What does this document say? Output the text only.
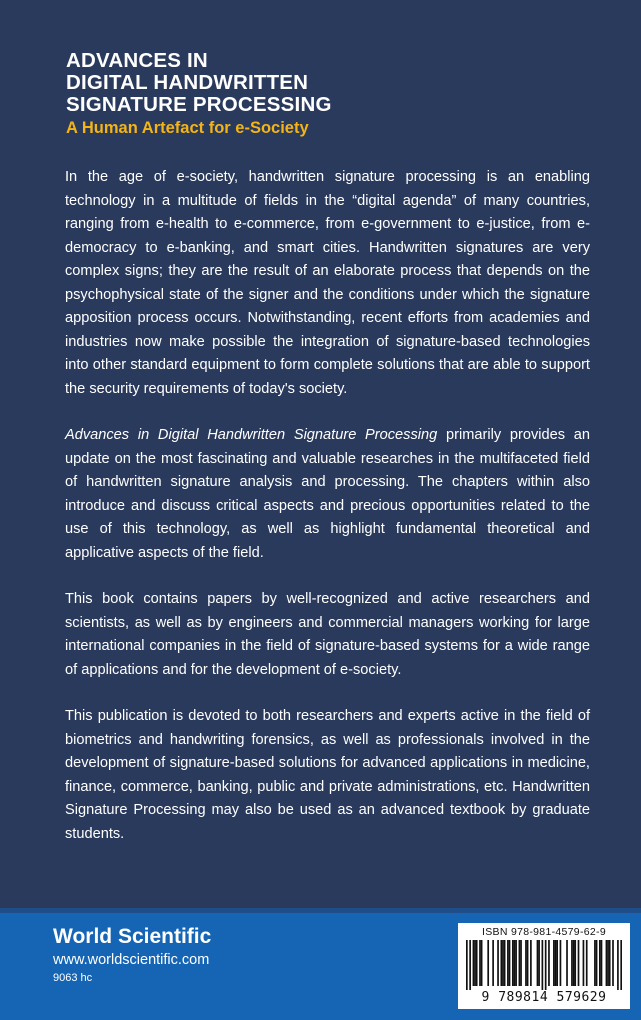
ADVANCES IN
DIGITAL HANDWRITTEN
SIGNATURE PROCESSING
A Human Artefact for e-Society

In the age of e-society, handwritten signature processing is an enabling technology in a multitude of fields in the “digital agenda” of many countries, ranging from e-health to e-commerce, from e-government to e-justice, from e-democracy to e-banking, and smart cities. Handwritten signatures are very complex signs; they are the result of an elaborate process that depends on the psychophysical state of the signer and the conditions under which the signature apposition process occurs. Notwithstanding, recent efforts from academies and industries now make possible the integration of signature-based technologies into other standard equipment to form complete solutions that are able to support the security requirements of today's society.

Advances in Digital Handwritten Signature Processing primarily provides an update on the most fascinating and valuable researches in the multifaceted field of handwritten signature analysis and processing. The chapters within also introduce and discuss critical aspects and precious opportunities related to the use of this technology, as well as highlight fundamental theoretical and applicative aspects of the field.

This book contains papers by well-recognized and active researchers and scientists, as well as by engineers and commercial managers working for large international companies in the field of signature-based systems for a wide range of applications and for the development of e-society.

This publication is devoted to both researchers and experts active in the field of biometrics and handwriting forensics, as well as professionals involved in the development of signature-based solutions for advanced applications in medicine, finance, commerce, banking, public and private administrations, etc. Handwritten Signature Processing may also be used as an advanced textbook by graduate students.

World Scientific
www.worldscientific.com
9063 hc
ISBN 978-981-4579-62-9
9 789814 579629
